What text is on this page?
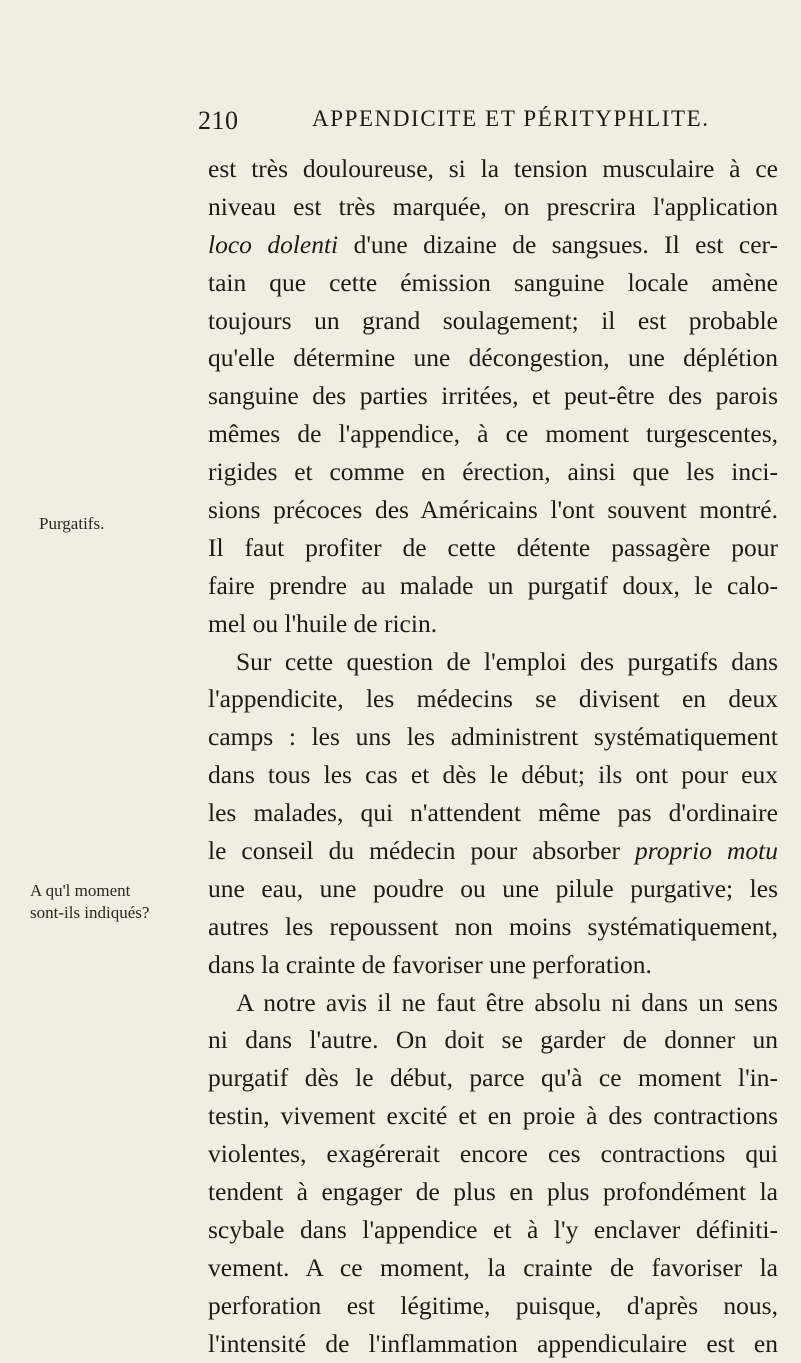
210	APPENDICITE ET PÉRITYPHLITE.
Purgatifs.
A qu'l moment
sont-ils indiqués?
est très douloureuse, si la tension musculaire à ce
niveau est très marquée, on prescrira l'application
loco dolenti d'une dizaine de sangsues. Il est cer-
tain que cette émission sanguine locale amène
toujours un grand soulagement; il est probable
qu'elle détermine une décongestion, une déplétion
sanguine des parties irritées, et peut-être des parois
mêmes de l'appendice, à ce moment turgescentes,
rigides et comme en érection, ainsi que les inci-
sions précoces des Américains l'ont souvent montré.
Il faut profiter de cette détente passagère pour
faire prendre au malade un purgatif doux, le calo-
mel ou l'huile de ricin.
Sur cette question de l'emploi des purgatifs dans
l'appendicite, les médecins se divisent en deux
camps : les uns les administrent systématiquement
dans tous les cas et dès le début; ils ont pour eux
les malades, qui n'attendent même pas d'ordinaire
le conseil du médecin pour absorber proprio motu
une eau, une poudre ou une pilule purgative; les
autres les repoussent non moins systématiquement,
dans la crainte de favoriser une perforation.
A notre avis il ne faut être absolu ni dans un sens
ni dans l'autre. On doit se garder de donner un
purgatif dès le début, parce qu'à ce moment l'in-
testin, vivement excité et en proie à des contractions
violentes, exagérerait encore ces contractions qui
tendent à engager de plus en plus profondément la
scybale dans l'appendice et à l'y enclaver définiti-
vement. A ce moment, la crainte de favoriser la
perforation est légitime, puisque, d'après nous,
l'intensité de l'inflammation appendiculaire est en
